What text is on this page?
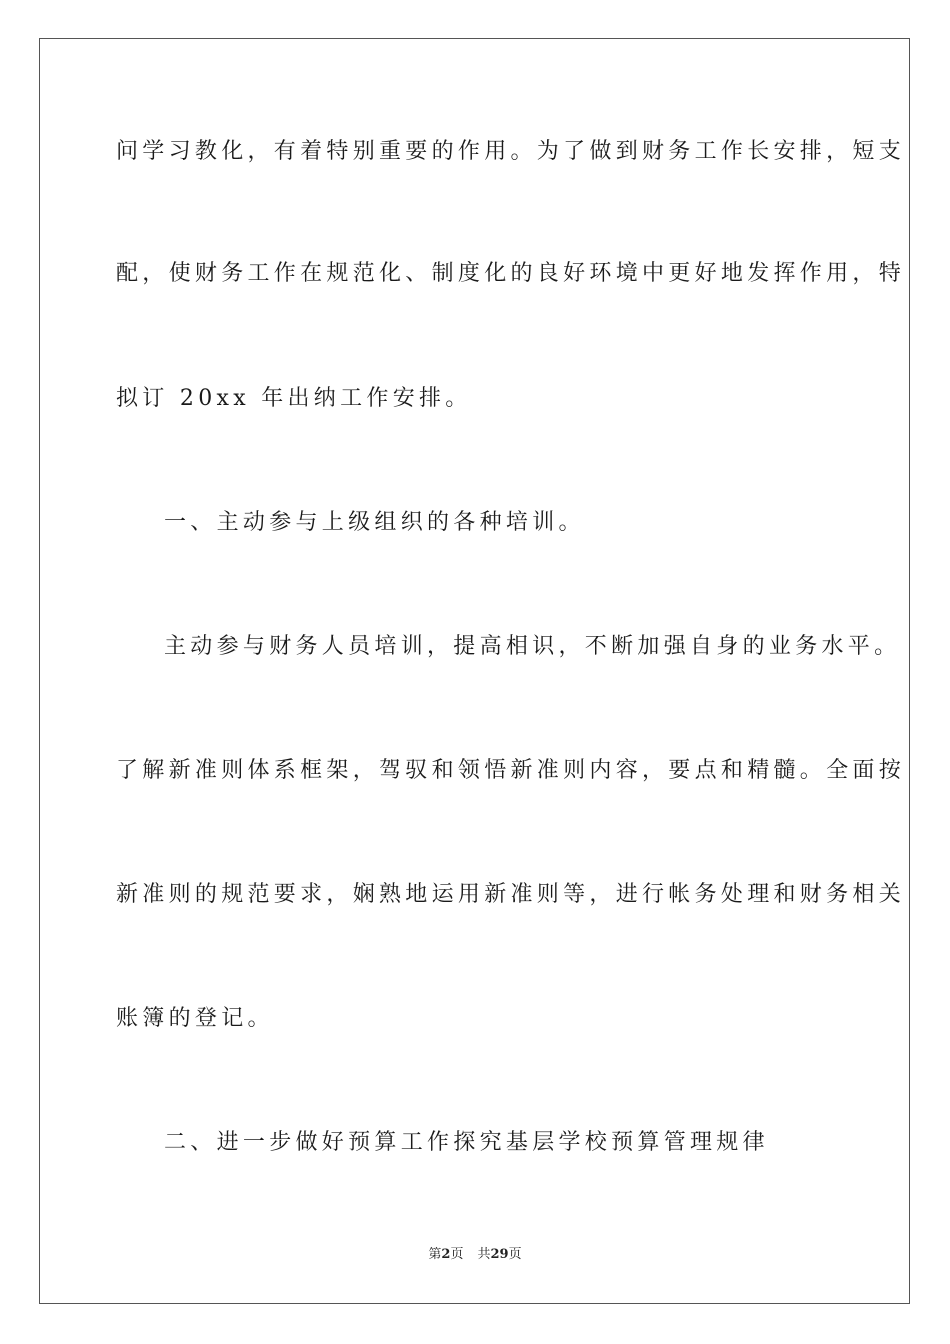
问学习教化，有着特别重要的作用。为了做到财务工作长安排，短支
配，使财务工作在规范化、制度化的良好环境中更好地发挥作用，特
拟订 20xx 年出纳工作安排。
一、主动参与上级组织的各种培训。
主动参与财务人员培训，提高相识，不断加强自身的业务水平。
了解新准则体系框架，驾驭和领悟新准则内容，要点和精髓。全面按
新准则的规范要求，娴熟地运用新准则等，进行帐务处理和财务相关
账簿的登记。
二、进一步做好预算工作探究基层学校预算管理规律
第2页 共29页
